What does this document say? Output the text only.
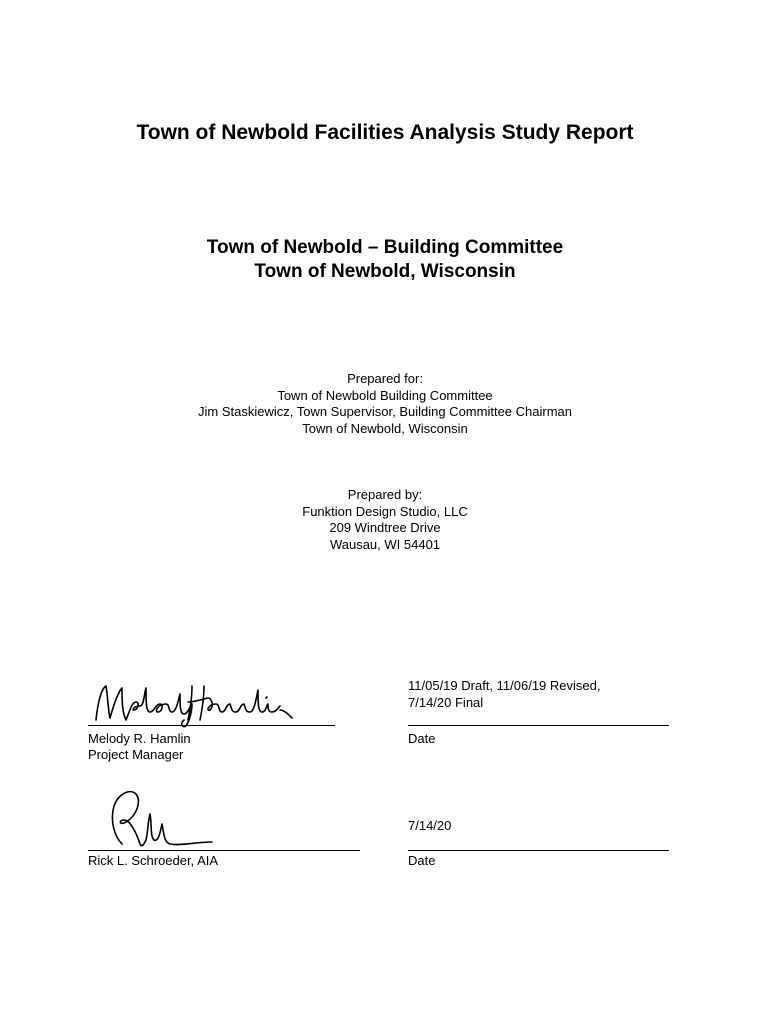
Town of Newbold Facilities Analysis Study Report
Town of Newbold – Building Committee
Town of Newbold, Wisconsin
Prepared for:
Town of Newbold Building Committee
Jim Staskiewicz, Town Supervisor, Building Committee Chairman
Town of Newbold, Wisconsin
Prepared by:
Funktion Design Studio, LLC
209 Windtree Drive
Wausau, WI 54401
Melody R. Hamlin
Project Manager
11/05/19 Draft, 11/06/19 Revised,
7/14/20 Final
Date
Rick L. Schroeder, AIA
7/14/20
Date
